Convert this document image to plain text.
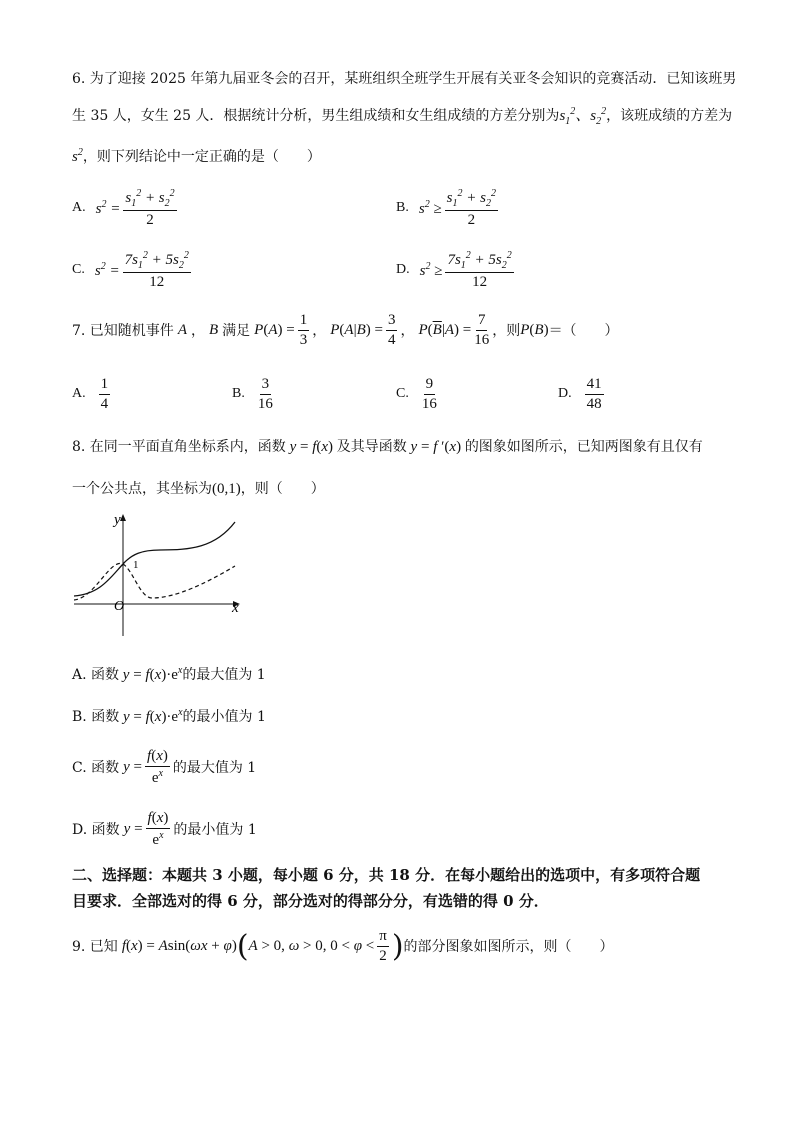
6. 为了迎接 2025 年第九届亚冬会的召开，某班组织全班学生开展有关亚冬会知识的竞赛活动．已知该班男
生 35 人，女生 25 人．根据统计分析，男生组成绩和女生组成绩的方差分别为$s_1^2$、$s_2^2$，该班成绩的方差为
$s^2$，则下列结论中一定正确的是（　　）
A. $s^2 = \frac{s_1^2 + s_2^2}{2}$	B. $s^2 \ge \frac{s_1^2 + s_2^2}{2}$
C. $s^2 = \frac{7s_1^2 + 5s_2^2}{12}$	D. $s^2 \ge \frac{7s_1^2 + 5s_2^2}{12}$
7. 已知随机事件 A ， B 满足 P ( A ) = $\frac{1}{3}$ ， P ( A | B ) = $\frac{3}{4}$ ， P ( $\overline{B}$ | A ) = $\frac{7}{16}$ ，则 P ( B ) ＝（　　）
A. $\frac{1}{4}$	B. $\frac{3}{16}$	C. $\frac{9}{16}$	D. $\frac{41}{48}$
8. 在同一平面直角坐标系内，函数 y = f(x) 及其导函数 y = f ′(x) 的图象如图所示，已知两图象有且仅有
一个公共点，其坐标为(0,1)，则（　　）
y
x
O
1
A. 函数 $y = f(x)\cdot e^x$的最大值为 1
B. 函数 $y = f(x)\cdot e^x$的最小值为 1
C. 函数 $y = \frac{f(x)}{e^x}$ 的最大值为 1
D. 函数 $y = \frac{f(x)}{e^x}$ 的最小值为 1
二、选择题：本题共 3 小题，每小题 6 分，共 18 分．在每小题给出的选项中，有多项符合题
目要求．全部选对的得 6 分，部分选对的得部分分，有选错的得 0 分．
9. 已知 f(x) = Asin(ωx + φ) ( A > 0, ω > 0, $0 < \varphi < \frac{\pi}{2}$ ) 的部分图象如图所示，则（　　）
